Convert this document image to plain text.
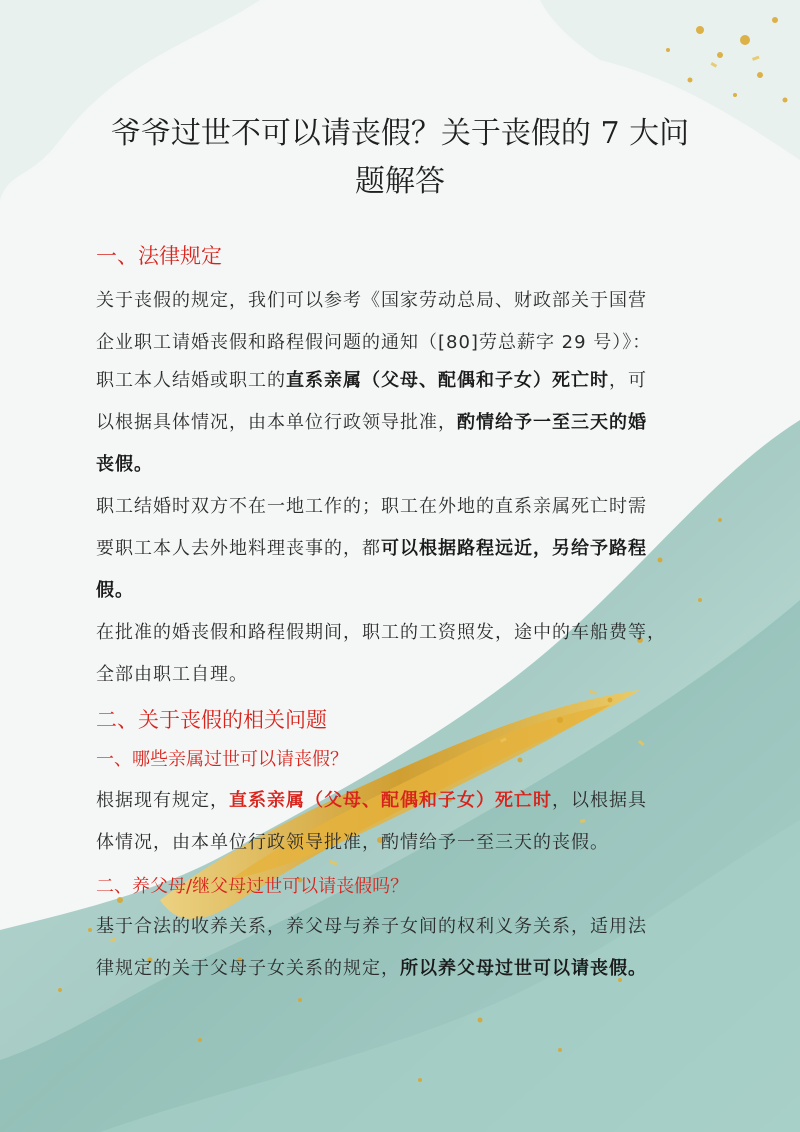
爷爷过世不可以请丧假？关于丧假的 7 大问
题解答
一、法律规定

关于丧假的规定，我们可以参考《国家劳动总局、财政部关于国营
企业职工请婚丧假和路程假问题的通知（[80]劳总薪字 29 号）》：

职工本人结婚或职工的直系亲属（父母、配偶和子女）死亡时，可
以根据具体情况，由本单位行政领导批准，酌情给予一至三天的婚
丧假。

职工结婚时双方不在一地工作的；职工在外地的直系亲属死亡时需
要职工本人去外地料理丧事的，都可以根据路程远近，另给予路程
假。

在批准的婚丧假和路程假期间，职工的工资照发，途中的车船费等，
全部由职工自理。

二、关于丧假的相关问题

一、哪些亲属过世可以请丧假？

根据现有规定，直系亲属（父母、配偶和子女）死亡时，以根据具
体情况，由本单位行政领导批准，酌情给予一至三天的丧假。

二、养父母/继父母过世可以请丧假吗？

基于合法的收养关系，养父母与养子女间的权利义务关系，适用法
律规定的关于父母子女关系的规定，所以养父母过世可以请丧假。
